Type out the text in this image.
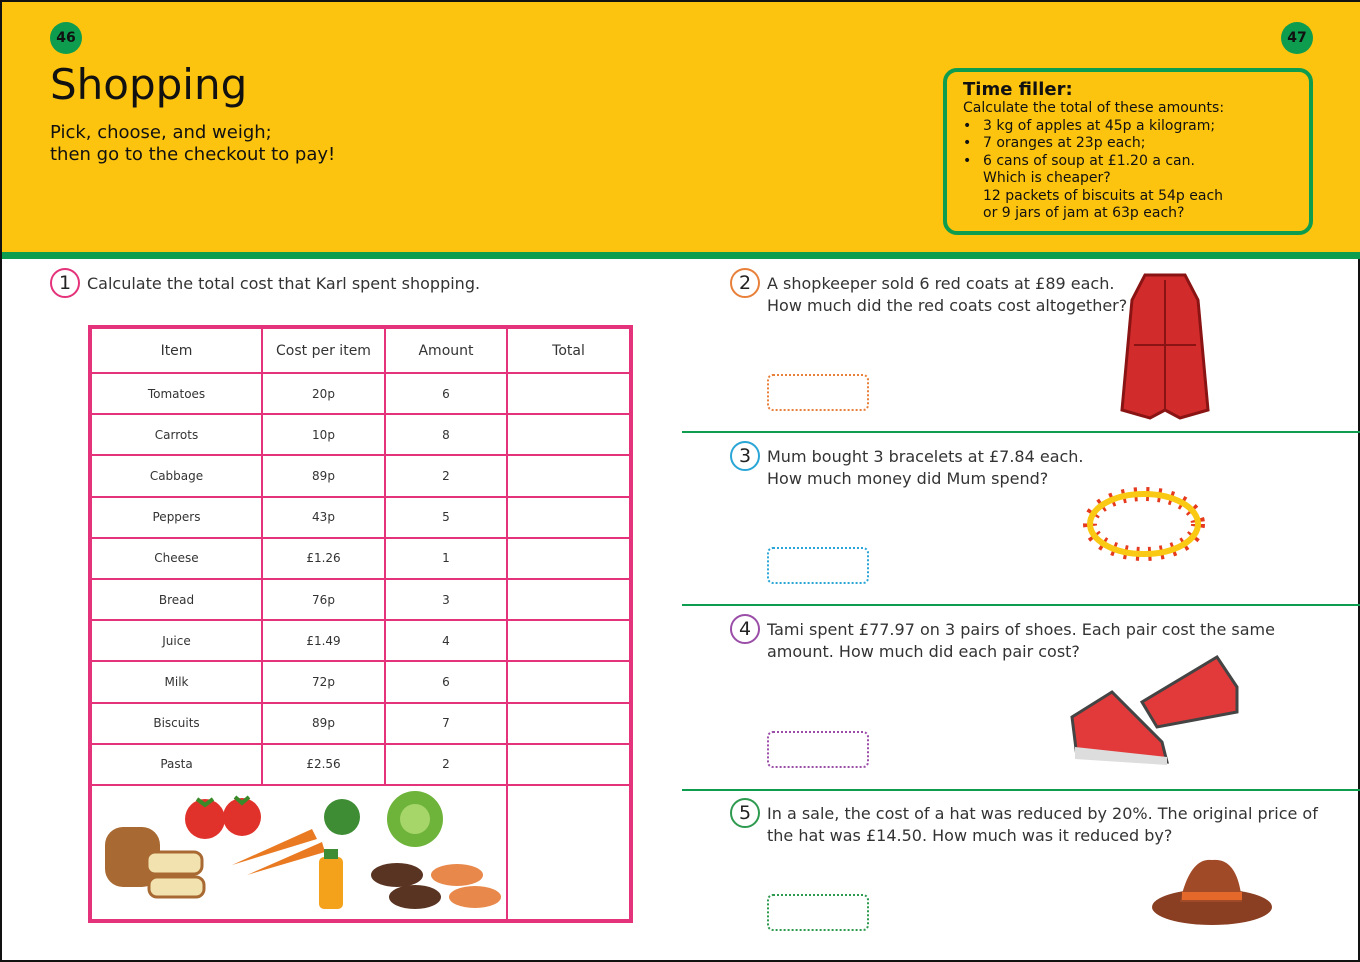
46	47
Shopping
Pick, choose, and weigh;
then go to the checkout to pay!
Time filler:
Calculate the total of these amounts:
• 3 kg of apples at 45p a kilogram;
• 7 oranges at 23p each;
• 6 cans of soup at £1.20 a can.
Which is cheaper?
12 packets of biscuits at 54p each
or 9 jars of jam at 63p each?
1 Calculate the total cost that Karl spent shopping.
Item	Cost per item	Amount	Total
Tomatoes	20p	6	
Carrots	10p	8	
Cabbage	89p	2	
Peppers	43p	5	
Cheese	£1.26	1	
Bread	76p	3	
Juice	£1.49	4	
Milk	72p	6	
Biscuits	89p	7	
Pasta	£2.56	2	

2 A shopkeeper sold 6 red coats at £89 each.
How much did the red coats cost altogether?
3 Mum bought 3 bracelets at £7.84 each.
How much money did Mum spend?
4 Tami spent £77.97 on 3 pairs of shoes. Each pair cost the same
amount. How much did each pair cost?
5 In a sale, the cost of a hat was reduced by 20%. The original price of
the hat was £14.50. How much was it reduced by?
